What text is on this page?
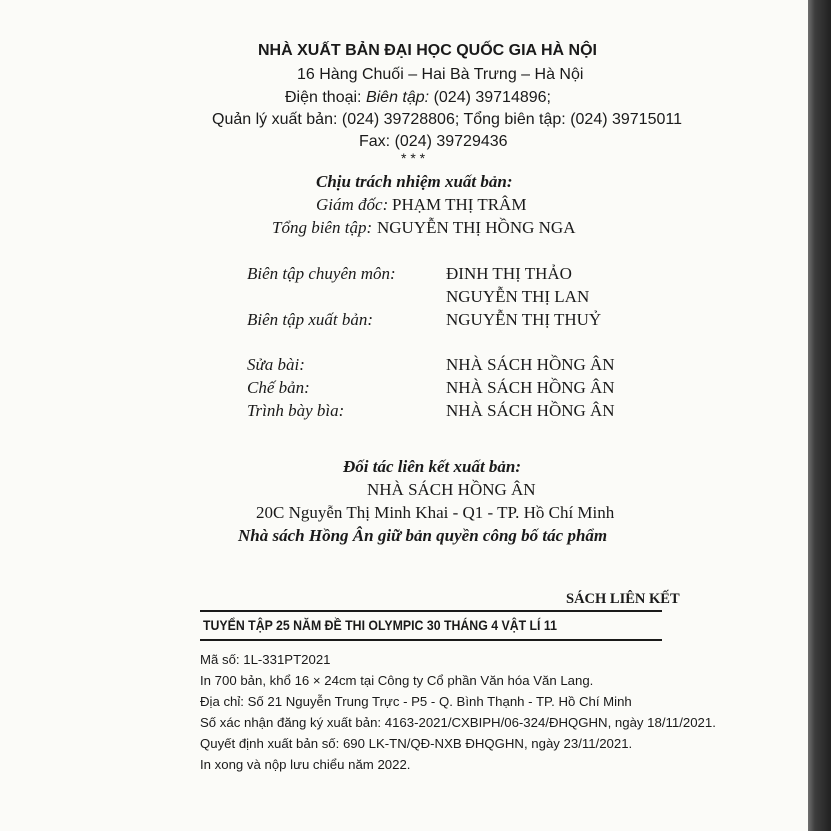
NHÀ XUẤT BẢN ĐẠI HỌC QUỐC GIA HÀ NỘI
16 Hàng Chuối – Hai Bà Trưng – Hà Nội
Điện thoại: Biên tập: (024) 39714896;
Quản lý xuất bản: (024) 39728806; Tổng biên tập: (024) 39715011
Fax: (024) 39729436
* * *
Chịu trách nhiệm xuất bản:
Giám đốc: PHẠM THỊ TRÂM
Tổng biên tập: NGUYỄN THỊ HỒNG NGA
Biên tập chuyên môn:	ĐINH THỊ THẢO
NGUYỄN THỊ LAN
Biên tập xuất bản:	NGUYỄN THỊ THUỶ
Sửa bài:	NHÀ SÁCH HỒNG ÂN
Chế bản:	NHÀ SÁCH HỒNG ÂN
Trình bày bìa:	NHÀ SÁCH HỒNG ÂN
Đối tác liên kết xuất bản:
NHÀ SÁCH HỒNG ÂN
20C Nguyễn Thị Minh Khai - Q1 - TP. Hồ Chí Minh
Nhà sách Hồng Ân giữ bản quyền công bố tác phẩm
SÁCH LIÊN KẾT
TUYỂN TẬP 25 NĂM ĐỀ THI OLYMPIC 30 THÁNG 4 VẬT LÍ 11
Mã số: 1L-331PT2021
In 700 bản, khổ 16 × 24cm tại Công ty Cổ phần Văn hóa Văn Lang.
Địa chỉ: Số 21 Nguyễn Trung Trực - P5 - Q. Bình Thạnh - TP. Hồ Chí Minh
Số xác nhận đăng ký xuất bản: 4163-2021/CXBIPH/06-324/ĐHQGHN, ngày 18/11/2021.
Quyết định xuất bản số: 690 LK-TN/QĐ-NXB ĐHQGHN, ngày 23/11/2021.
In xong và nộp lưu chiểu năm 2022.
